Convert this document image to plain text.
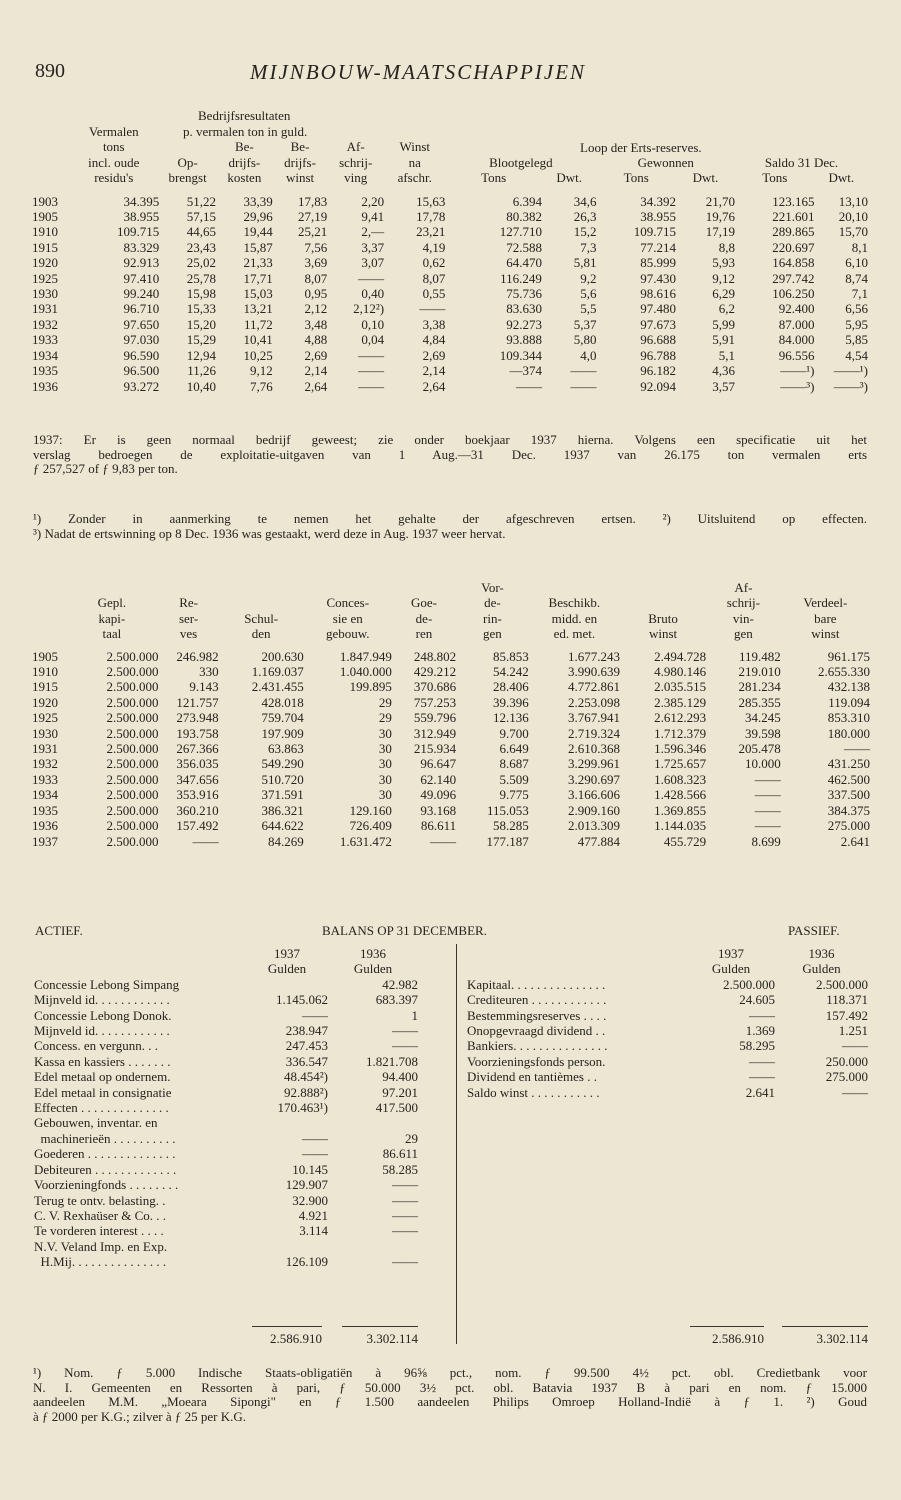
890	MIJNBOUW-MAATSCHAPPIJEN
Bedrijfsresultaten
p. vermalen ton in guld.
Loop der Erts-reserves.
	Vermalen											
	tons		Be-	Be-	Af-	Winst						
	incl. oude	Op-	drijfs-	drijfs-	schrij-	na	Blootgelegd		Gewonnen		Saldo 31 Dec.	
	residu's	brengst	kosten	winst	ving	afschr.	Tons	Dwt.	Tons	Dwt.	Tons	Dwt.

1903	34.395	51,22	33,39	17,83	2,20	15,63	6.394	34,6	34.392	21,70	123.165	13,10
1905	38.955	57,15	29,96	27,19	9,41	17,78	80.382	26,3	38.955	19,76	221.601	20,10
1910	109.715	44,65	19,44	25,21	2,—	23,21	127.710	15,2	109.715	17,19	289.865	15,70
1915	83.329	23,43	15,87	7,56	3,37	4,19	72.588	7,3	77.214	8,8	220.697	8,1
1920	92.913	25,02	21,33	3,69	3,07	0,62	64.470	5,81	85.999	5,93	164.858	6,10
1925	97.410	25,78	17,71	8,07	——	8,07	116.249	9,2	97.430	9,12	297.742	8,74
1930	99.240	15,98	15,03	0,95	0,40	0,55	75.736	5,6	98.616	6,29	106.250	7,1
1931	96.710	15,33	13,21	2,12	2,12²)	——	83.630	5,5	97.480	6,2	92.400	6,56
1932	97.650	15,20	11,72	3,48	0,10	3,38	92.273	5,37	97.673	5,99	87.000	5,95
1933	97.030	15,29	10,41	4,88	0,04	4,84	93.888	5,80	96.688	5,91	84.000	5,85
1934	96.590	12,94	10,25	2,69	——	2,69	109.344	4,0	96.788	5,1	96.556	4,54
1935	96.500	11,26	9,12	2,14	——	2,14	—374	——	96.182	4,36	——¹)	——¹)
1936	93.272	10,40	7,76	2,64	——	2,64	——	——	92.094	3,57	——³)	——³)
1937: Er is geen normaal bedrijf geweest; zie onder boekjaar 1937 hierna. Volgens een specificatie uit het
verslag bedroegen de exploitatie-uitgaven van 1 Aug.—31 Dec. 1937 van 26.175 ton vermalen erts
ƒ 257,527 of ƒ 9,83 per ton.
¹) Zonder in aanmerking te nemen het gehalte der afgeschreven ertsen. ²) Uitsluitend op effecten.
³) Nadat de ertswinning op 8 Dec. 1936 was gestaakt, werd deze in Aug. 1937 weer hervat.
						Vor-			Af-	
	Gepl.	Re-		Conces-	Goe-	de-	Beschikb.		schrij-	Verdeel-
	kapi-	ser-	Schul-	sie en	de-	rin-	midd. en	Bruto	vin-	bare
	taal	ves	den	gebouw.	ren	gen	ed. met.	winst	gen	winst

1905	2.500.000	246.982	200.630	1.847.949	248.802	85.853	1.677.243	2.494.728	119.482	961.175
1910	2.500.000	330	1.169.037	1.040.000	429.212	54.242	3.990.639	4.980.146	219.010	2.655.330
1915	2.500.000	9.143	2.431.455	199.895	370.686	28.406	4.772.861	2.035.515	281.234	432.138
1920	2.500.000	121.757	428.018	29	757.253	39.396	2.253.098	2.385.129	285.355	119.094
1925	2.500.000	273.948	759.704	29	559.796	12.136	3.767.941	2.612.293	34.245	853.310
1930	2.500.000	193.758	197.909	30	312.949	9.700	2.719.324	1.712.379	39.598	180.000
1931	2.500.000	267.366	63.863	30	215.934	6.649	2.610.368	1.596.346	205.478	——
1932	2.500.000	356.035	549.290	30	96.647	8.687	3.299.961	1.725.657	10.000	431.250
1933	2.500.000	347.656	510.720	30	62.140	5.509	3.290.697	1.608.323	——	462.500
1934	2.500.000	353.916	371.591	30	49.096	9.775	3.166.606	1.428.566	——	337.500
1935	2.500.000	360.210	386.321	129.160	93.168	115.053	2.909.160	1.369.855	——	384.375
1936	2.500.000	157.492	644.622	726.409	86.611	58.285	2.013.309	1.144.035	——	275.000
1937	2.500.000	——	84.269	1.631.472	——	177.187	477.884	455.729	8.699	2.641
ACTIEF.	BALANS OP 31 DECEMBER.	PASSIEF.
	1937	1936
	Gulden	Gulden
Concessie Lebong Simpang		42.982
Mijnveld id. . . . . . . . . . . .	1.145.062	683.397
Concessie Lebong Donok.	——	1
Mijnveld id. . . . . . . . . . . .	238.947	——
Concess. en vergunn. . .	247.453	——
Kassa en kassiers . . . . . . .	336.547	1.821.708
Edel metaal op ondernem.	48.454²)	94.400
Edel metaal in consignatie	92.888²)	97.201
Effecten . . . . . . . . . . . . . .	170.463¹)	417.500
Gebouwen, inventar. en		
machinerieën . . . . . . . . . .	——	29
Goederen . . . . . . . . . . . . . .	——	86.611
Debiteuren . . . . . . . . . . . . .	10.145	58.285
Voorzieningfonds . . . . . . . .	129.907	——
Terug te ontv. belasting. .	32.900	——
C. V. Rexhaüser & Co. . .	4.921	——
Te vorderen interest . . . .	3.114	——
N.V. Veland Imp. en Exp.		
H.Mij. . . . . . . . . . . . . . .	126.109	——
2.586.910	3.302.114
	1937	1936
	Gulden	Gulden
Kapitaal. . . . . . . . . . . . . . .	2.500.000	2.500.000
Crediteuren . . . . . . . . . . . .	24.605	118.371
Bestemmingsreserves . . . .	——	157.492
Onopgevraagd dividend . .	1.369	1.251
Bankiers. . . . . . . . . . . . . . .	58.295	——
Voorzieningsfonds person.	——	250.000
Dividend en tantièmes . .	——	275.000
Saldo winst . . . . . . . . . . .	2.641	——
2.586.910	3.302.114
¹) Nom. ƒ 5.000 Indische Staats-obligatiën à 96⅝ pct., nom. ƒ 99.500 4½ pct. obl. Credietbank voor
N. I. Gemeenten en Ressorten à pari, ƒ 50.000 3½ pct. obl. Batavia 1937 B à pari en nom. ƒ 15.000
aandeelen M.M. „Moeara Sipongi" en ƒ 1.500 aandeelen Philips Omroep Holland-Indië à ƒ 1. ²) Goud
à ƒ 2000 per K.G.; zilver à ƒ 25 per K.G.
